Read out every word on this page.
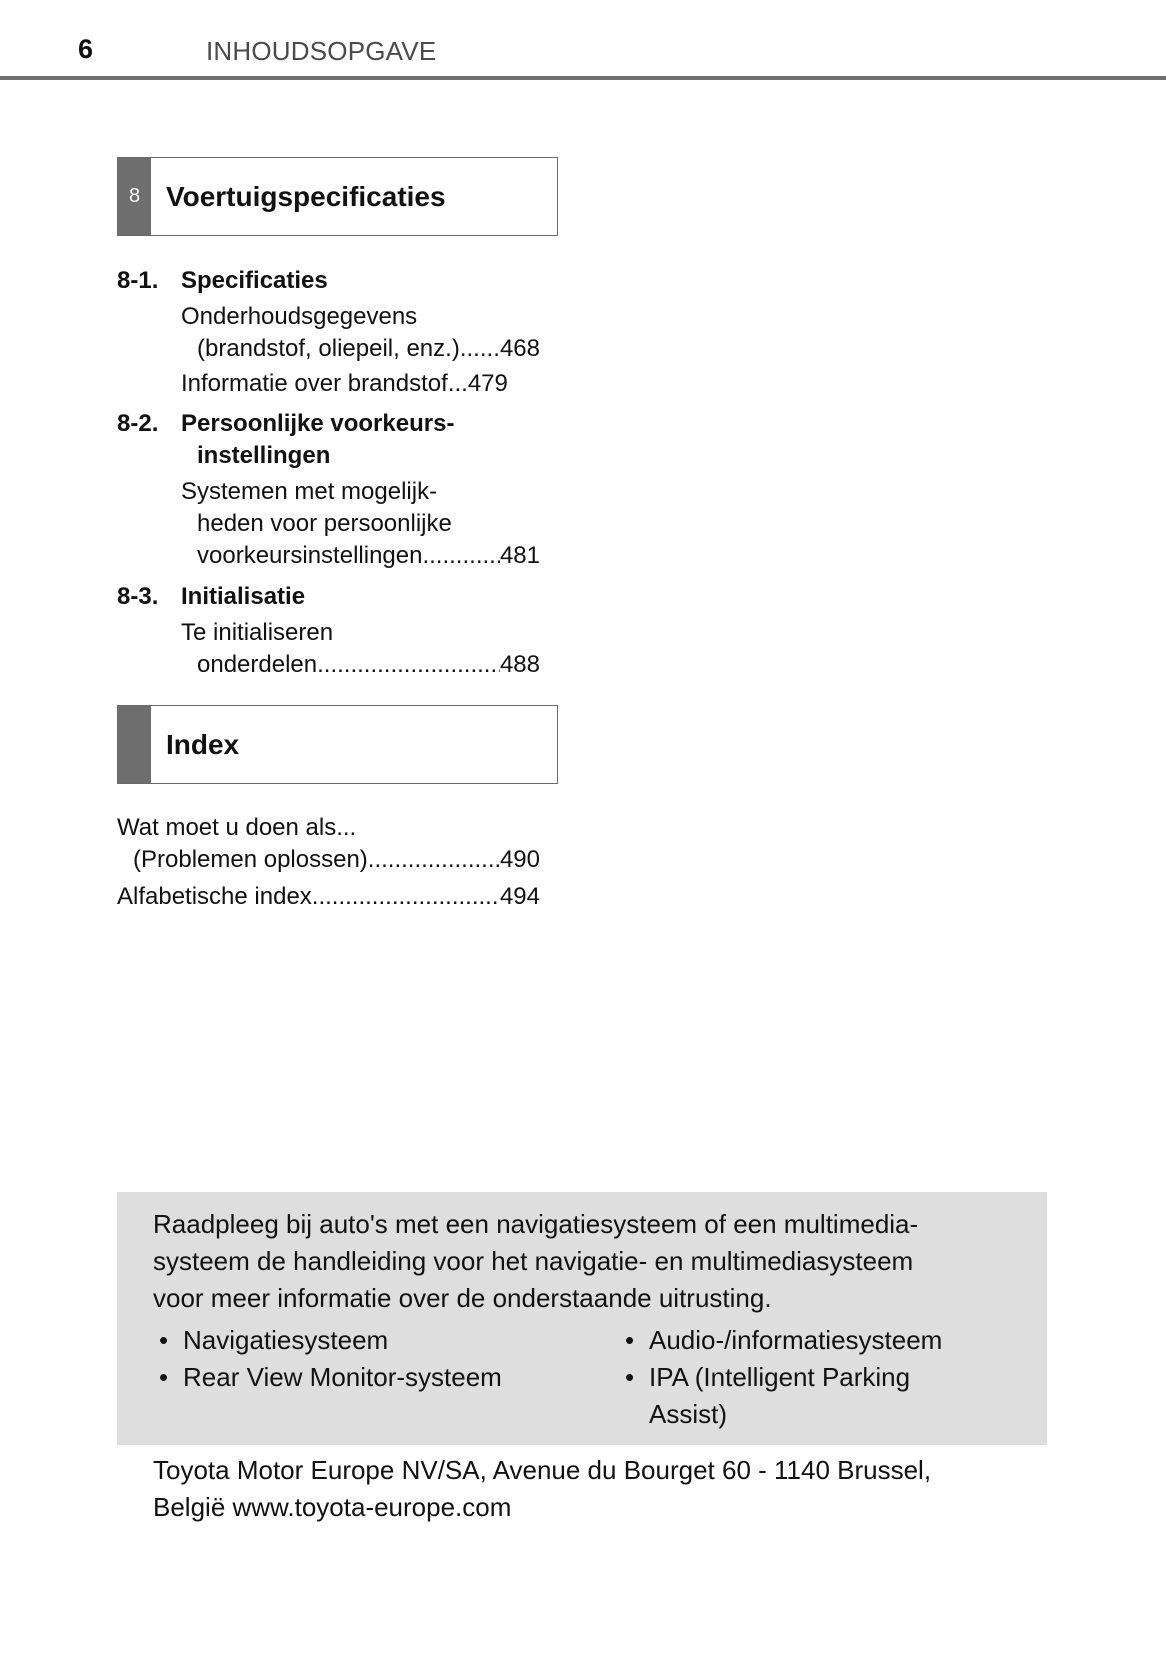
6	INHOUDSOPGAVE
8 Voertuigspecificaties
8-1. Specificaties
Onderhoudsgegevens
(brandstof, oliepeil, enz.) ..... .468
Informatie over brandstof ...479
8-2. Persoonlijke voorkeurs-
instellingen
Systemen met mogelijk-
heden voor persoonlijke
voorkeursinstellingen .....	481
8-3. Initialisatie
Te initialiseren
onderdelen .....	488
Index
Wat moet u doen als...
(Problemen oplossen) .....	490
Alfabetische index .....	494
Raadpleeg bij auto's met een navigatiesysteem of een multimedia-
systeem de handleiding voor het navigatie- en multimediasysteem
voor meer informatie over de onderstaande uitrusting.
• Navigatiesysteem
• Rear View Monitor-systeem
• Audio-/informatiesysteem
• IPA (Intelligent Parking
Assist)
Toyota Motor Europe NV/SA, Avenue du Bourget 60 - 1140 Brussel,
België www.toyota-europe.com
